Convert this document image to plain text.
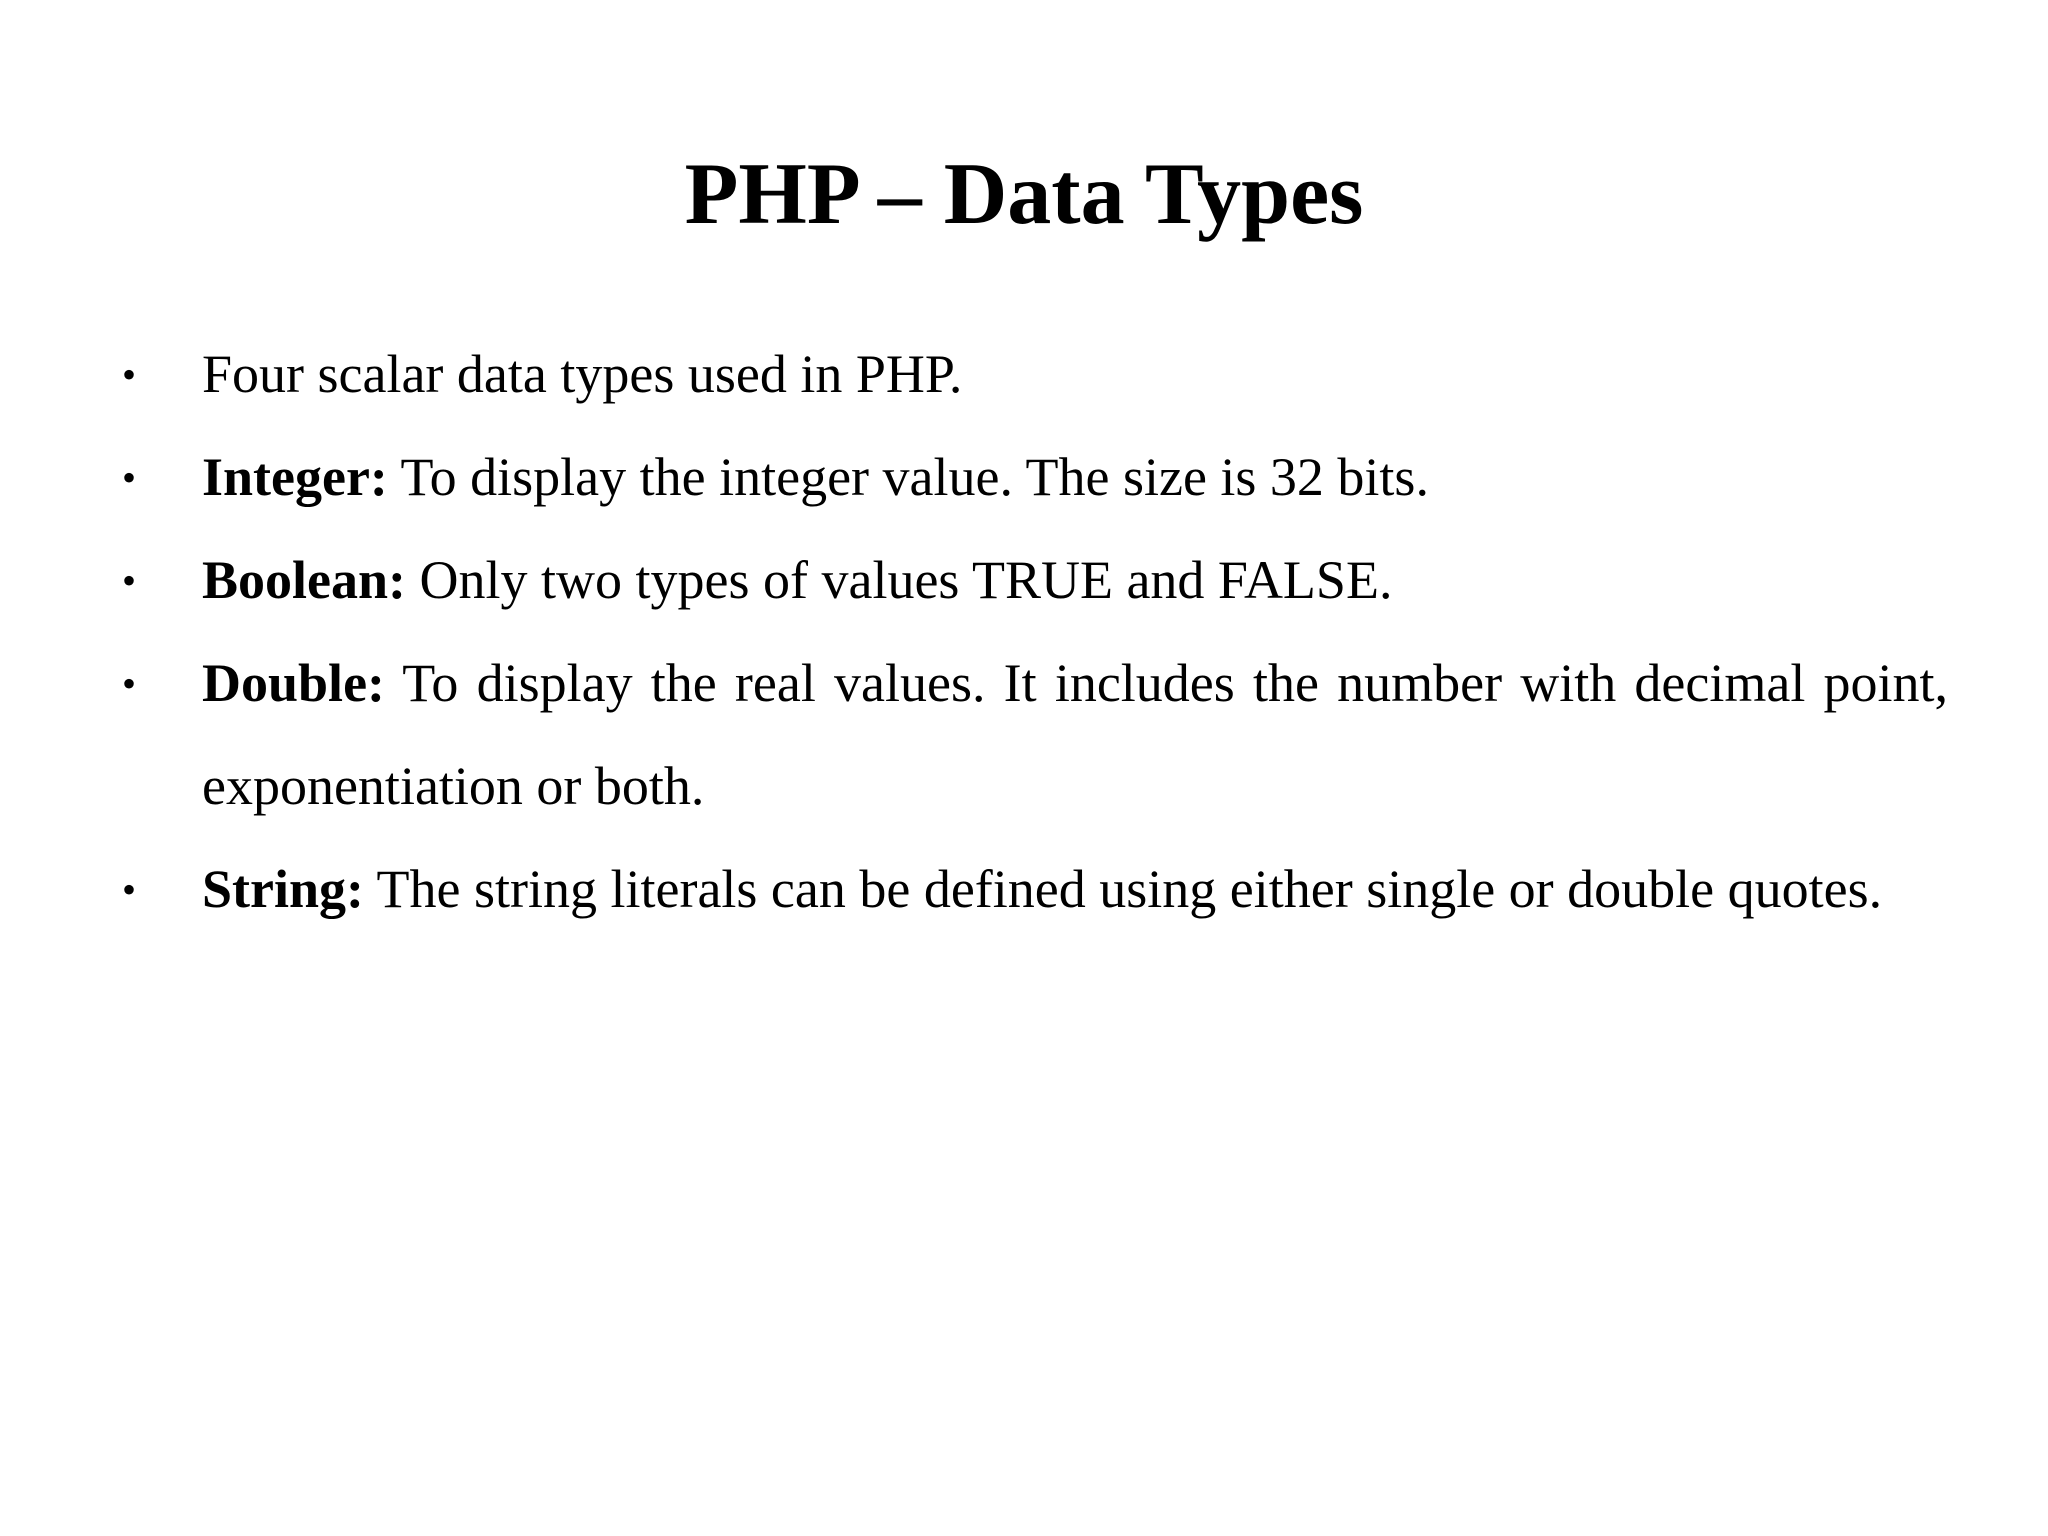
PHP – Data Types
•	Four scalar data types used in PHP.
•	Integer: To display the integer value. The size is 32 bits.
•	Boolean: Only two types of values TRUE and FALSE.
•	Double: To display the real values. It includes the number with decimal point, exponentiation or both.
•	String: The string literals can be defined using either single or double quotes.
